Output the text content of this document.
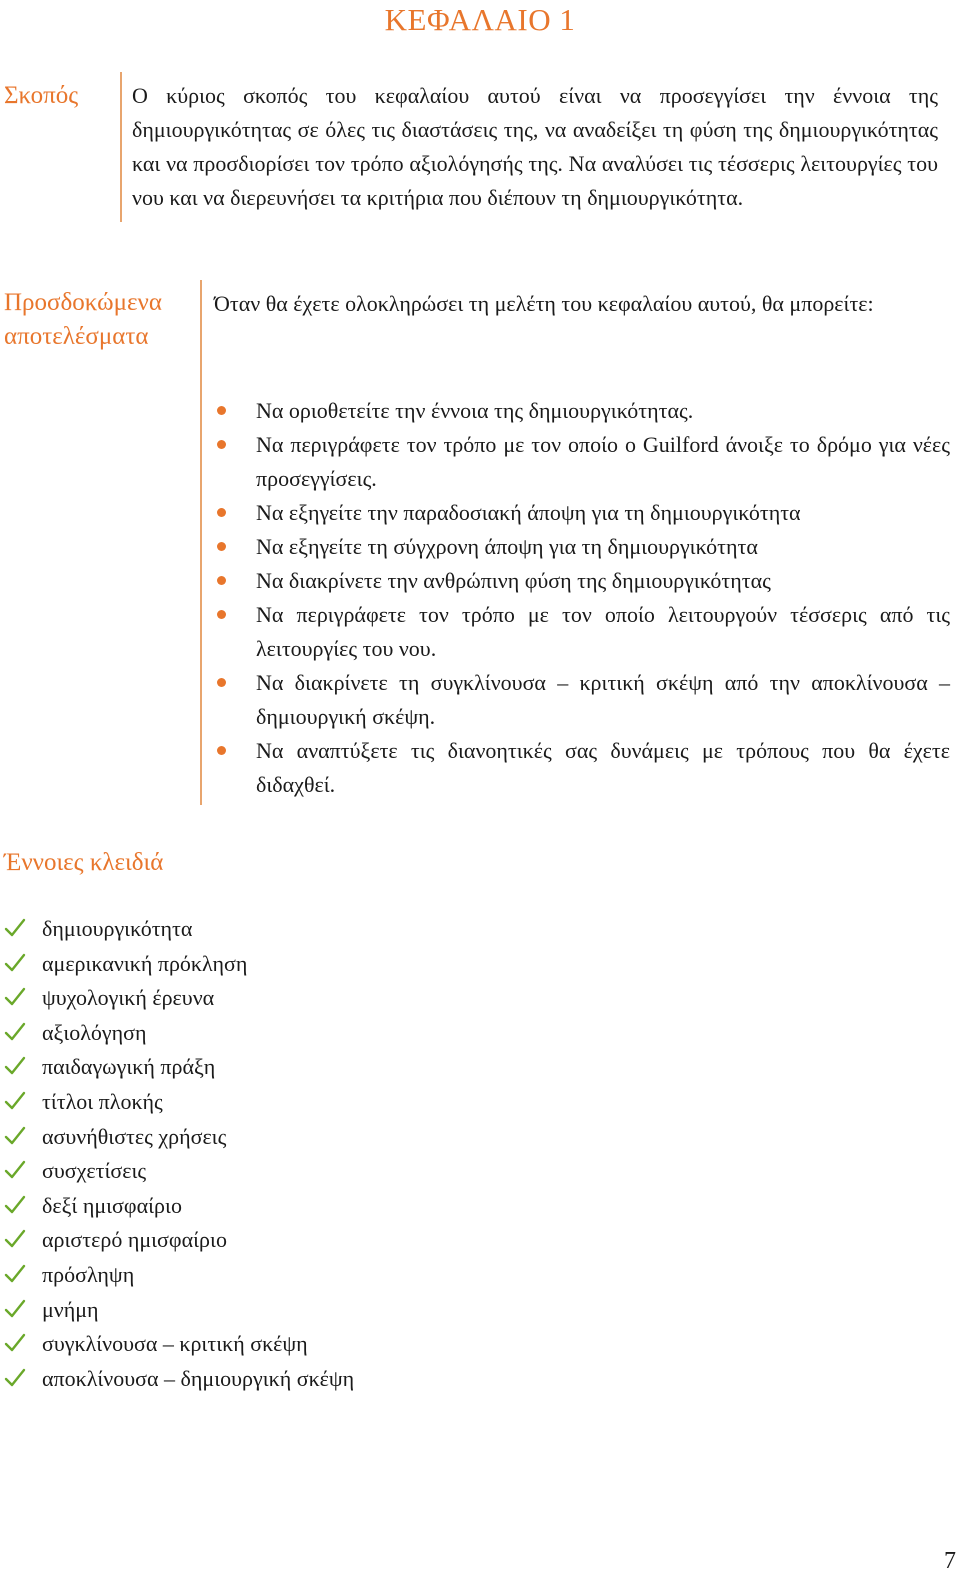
ΚΕΦΑΛΑΙΟ 1
Σκοπός Ο κύριος σκοπός του κεφαλαίου αυτού είναι να προσεγγίσει την έννοια της δημιουργικότητας σε όλες τις διαστάσεις της, να αναδείξει τη φύση της δημιουργικότητας και να προσδιορίσει τον τρόπο αξιολόγησής της. Να αναλύσει τις τέσσερις λειτουργίες του νου και να διερευνήσει τα κριτήρια που διέπουν τη δημιουργικότητα.
Προσδοκώμενα
αποτελέσματα
Όταν θα έχετε ολοκληρώσει τη μελέτη του κεφαλαίου αυτού, θα μπορείτε:
Να οριοθετείτε την έννοια της δημιουργικότητας.
Να περιγράφετε τον τρόπο με τον οποίο ο Guilford άνοιξε το δρόμο για νέες προσεγγίσεις.
Να εξηγείτε την παραδοσιακή άποψη για τη δημιουργικότητα
Να εξηγείτε τη σύγχρονη άποψη για τη δημιουργικότητα
Να διακρίνετε την ανθρώπινη φύση της δημιουργικότητας
Να περιγράφετε τον τρόπο με τον οποίο λειτουργούν τέσσερις από τις λειτουργίες του νου.
Να διακρίνετε τη συγκλίνουσα – κριτική σκέψη από την αποκλίνουσα – δημιουργική σκέψη.
Να αναπτύξετε τις διανοητικές σας δυνάμεις με τρόπους που θα έχετε διδαχθεί.
Έννοιες κλειδιά
δημιουργικότητα
αμερικανική πρόκληση
ψυχολογική έρευνα
αξιολόγηση
παιδαγωγική πράξη
τίτλοι πλοκής
ασυνήθιστες χρήσεις
συσχετίσεις
δεξί ημισφαίριο
αριστερό ημισφαίριο
πρόσληψη
μνήμη
συγκλίνουσα – κριτική σκέψη
αποκλίνουσα – δημιουργική σκέψη
7
